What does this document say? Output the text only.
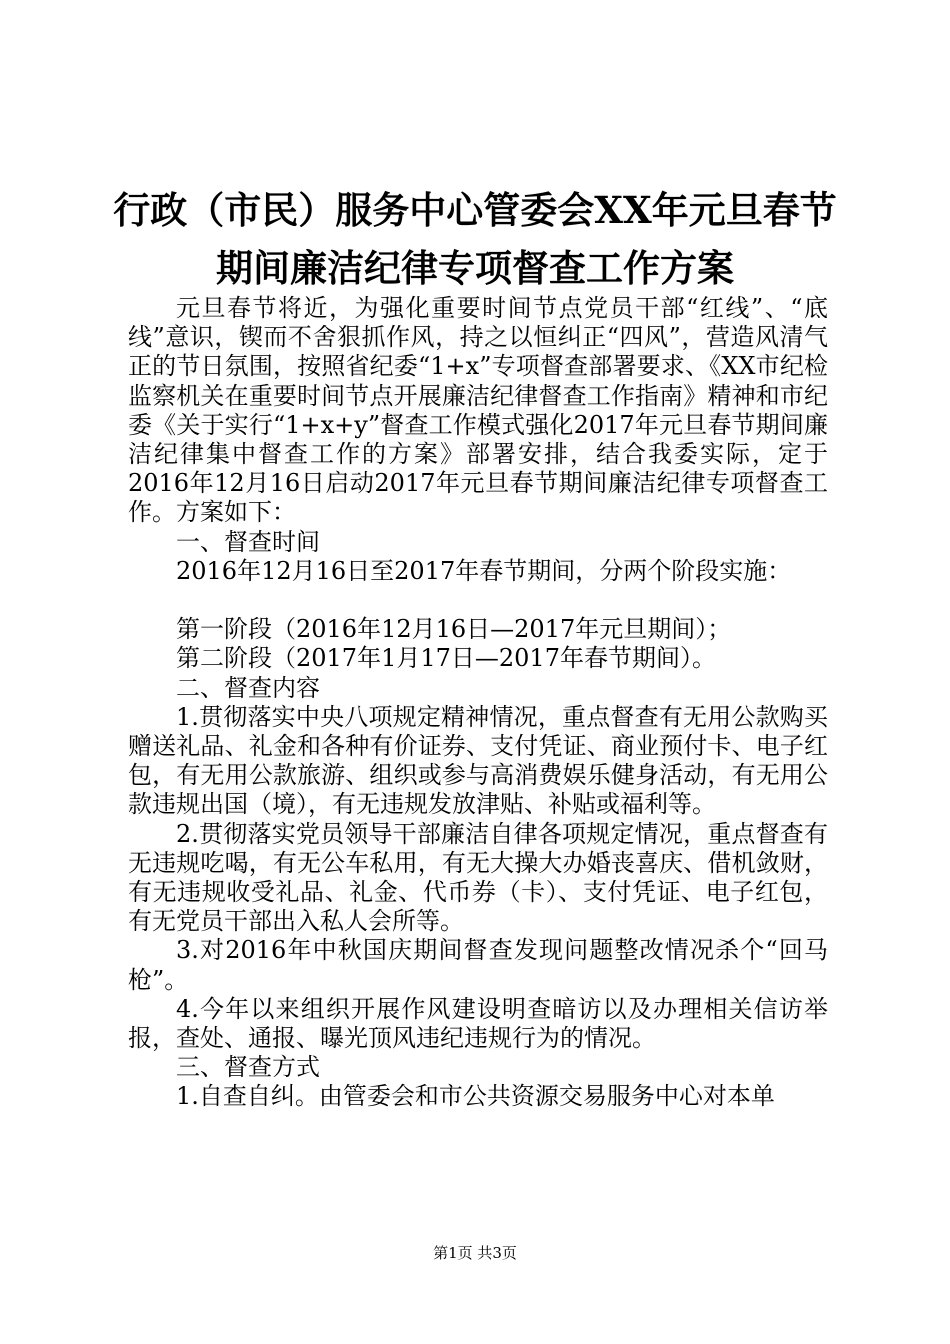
行政（市民）服务中心管委会XX年元旦春节
期间廉洁纪律专项督查工作方案

元旦春节将近，为强化重要时间节点党员干部“红线”、“底线”意识，锲而不舍狠抓作风，持之以恒纠正“四风”，营造风清气正的节日氛围，按照省纪委“1+x”专项督查部署要求、《XX市纪检监察机关在重要时间节点开展廉洁纪律督查工作指南》精神和市纪委《关于实行“1+x+y”督查工作模式强化2017年元旦春节期间廉洁纪律集中督查工作的方案》部署安排，结合我委实际，定于2016年12月16日启动2017年元旦春节期间廉洁纪律专项督查工作。方案如下：

一、督查时间

2016年12月16日至2017年春节期间，分两个阶段实施：

第一阶段（2016年12月16日—2017年元旦期间）；

第二阶段（2017年1月17日—2017年春节期间）。

二、督查内容

1.贯彻落实中央八项规定精神情况，重点督查有无用公款购买赠送礼品、礼金和各种有价证券、支付凭证、商业预付卡、电子红包，有无用公款旅游、组织或参与高消费娱乐健身活动，有无用公款违规出国（境），有无违规发放津贴、补贴或福利等。

2.贯彻落实党员领导干部廉洁自律各项规定情况，重点督查有无违规吃喝，有无公车私用，有无大操大办婚丧喜庆、借机敛财，有无违规收受礼品、礼金、代币券（卡）、支付凭证、电子红包，有无党员干部出入私人会所等。

3.对2016年中秋国庆期间督查发现问题整改情况杀个“回马枪”。

4.今年以来组织开展作风建设明查暗访以及办理相关信访举报，查处、通报、曝光顶风违纪违规行为的情况。

三、督查方式

1.自查自纠。由管委会和市公共资源交易服务中心对本单

第1页 共3页
